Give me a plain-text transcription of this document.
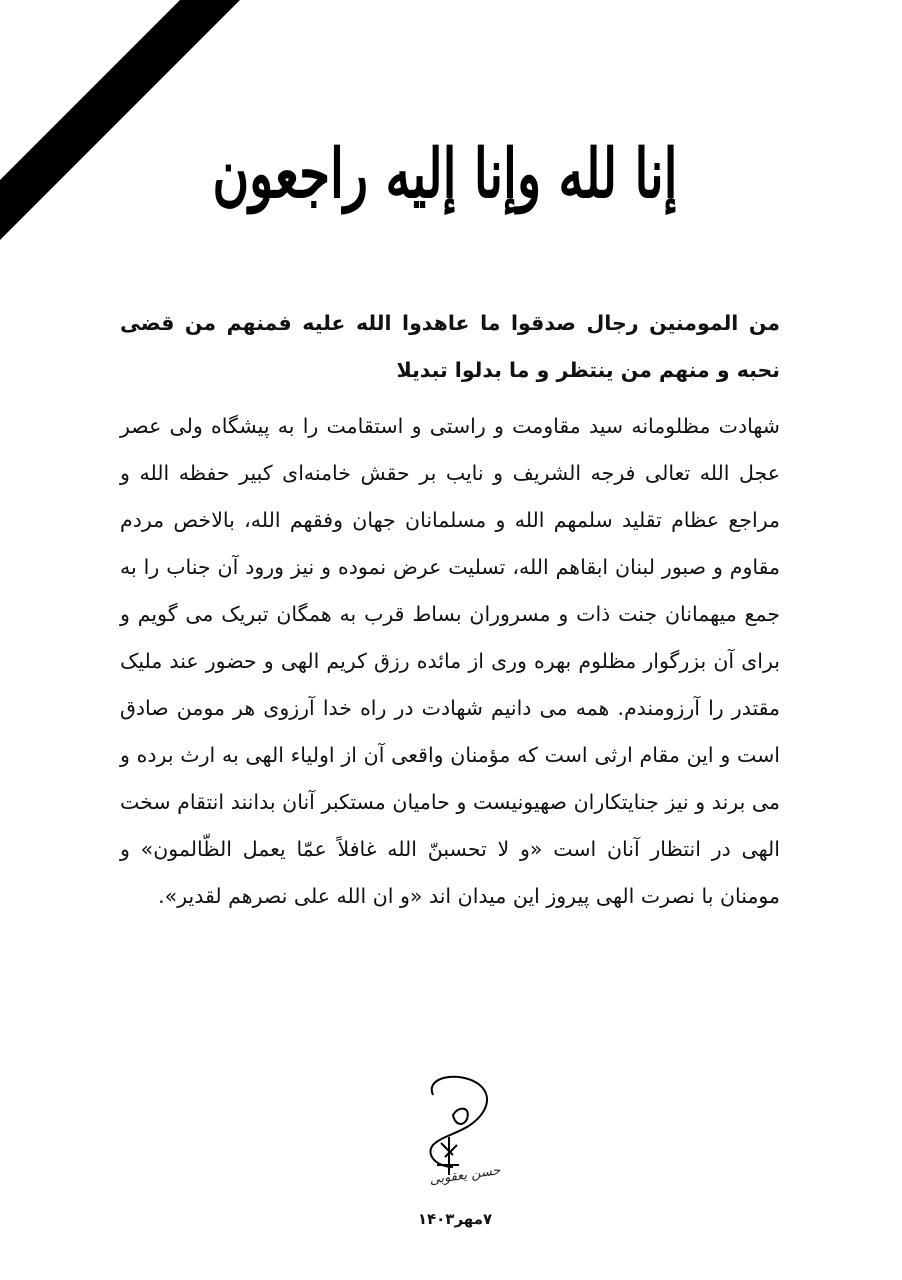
إنا لله وإنا إليه راجعون
من المومنین رجال صدقوا ما عاهدوا الله علیه فمنهم من قضی نحبه و منهم من ینتظر و ما بدلوا تبدیلا
شهادت مظلومانه سید مقاومت و راستی و استقامت را به پیشگاه ولی عصر عجل الله تعالی فرجه الشریف و نایب بر حقش خامنه‌ای کبیر حفظه الله و مراجع عظام تقلید سلمهم الله و مسلمانان جهان وفقهم الله، بالاخص مردم مقاوم و صبور لبنان ابقاهم الله، تسلیت عرض نموده و نیز ورود آن جناب را به جمع میهمانان جنت ذات و مسروران بساط قرب به همگان تبریک می گویم و برای آن بزرگوار مظلوم بهره وری از مائده رزق کریم الهی و حضور عند ملیک مقتدر را آرزومندم. همه می دانیم شهادت در راه خدا آرزوی هر مومن صادق است و این مقام ارثی است که مؤمنان واقعی آن از اولیاء الهی به ارث برده و می برند و نیز جنایتکاران صهیونیست و حامیان مستکبر آنان بدانند انتقام سخت الهی در انتظار آنان است «و لا تحسبنّ الله غافلاً عمّا یعمل الظّالمون» و مومنان با نصرت الهی پیروز این میدان اند «و ان الله علی نصرهم لقدیر».
حسن یعقوبی
۷مهر۱۴۰۳
